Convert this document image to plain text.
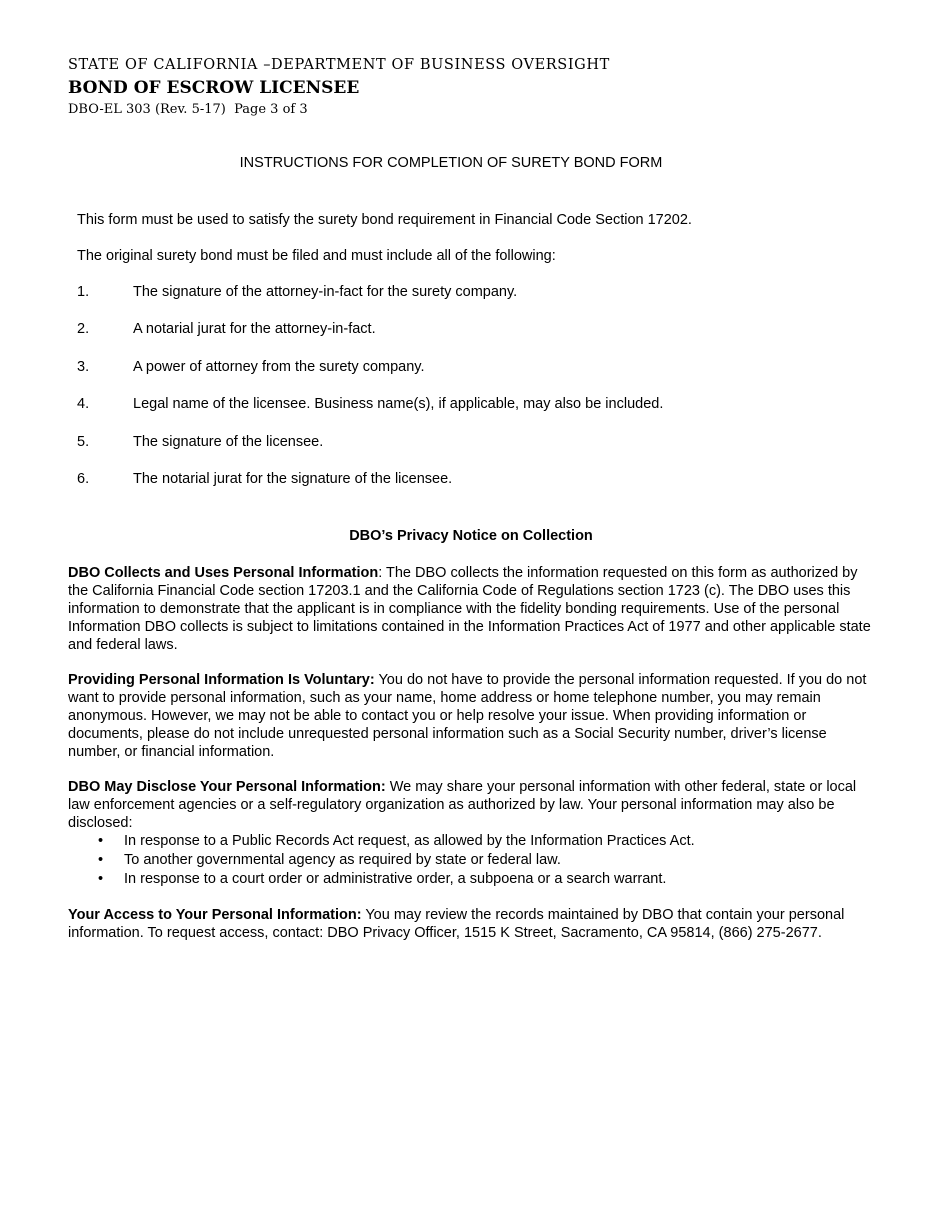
STATE OF CALIFORNIA –DEPARTMENT OF BUSINESS OVERSIGHT
BOND OF ESCROW LICENSEE
DBO-EL 303 (Rev. 5-17)  Page 3 of 3
INSTRUCTIONS FOR COMPLETION OF SURETY BOND FORM
This form must be used to satisfy the surety bond requirement in Financial Code Section 17202.
The original surety bond must be filed and must include all of the following:
1.	The signature of the attorney-in-fact for the surety company.
2.	A notarial jurat for the attorney-in-fact.
3.	A power of attorney from the surety company.
4.	Legal name of the licensee. Business name(s), if applicable, may also be included.
5.	The signature of the licensee.
6.	The notarial jurat for the signature of the licensee.
DBO’s Privacy Notice on Collection
DBO Collects and Uses Personal Information: The DBO collects the information requested on this form as authorized by the California Financial Code section 17203.1 and the California Code of Regulations section 1723 (c). The DBO uses this information to demonstrate that the applicant is in compliance with the fidelity bonding requirements. Use of the personal Information DBO collects is subject to limitations contained in the Information Practices Act of 1977 and other applicable state and federal laws.
Providing Personal Information Is Voluntary: You do not have to provide the personal information requested. If you do not want to provide personal information, such as your name, home address or home telephone number, you may remain anonymous. However, we may not be able to contact you or help resolve your issue. When providing information or documents, please do not include unrequested personal information such as a Social Security number, driver’s license number, or financial information.
DBO May Disclose Your Personal Information: We may share your personal information with other federal, state or local law enforcement agencies or a self-regulatory organization as authorized by law. Your personal information may also be disclosed:
• In response to a Public Records Act request, as allowed by the Information Practices Act.
• To another governmental agency as required by state or federal law.
• In response to a court order or administrative order, a subpoena or a search warrant.
Your Access to Your Personal Information: You may review the records maintained by DBO that contain your personal information. To request access, contact: DBO Privacy Officer, 1515 K Street, Sacramento, CA 95814, (866) 275-2677.
